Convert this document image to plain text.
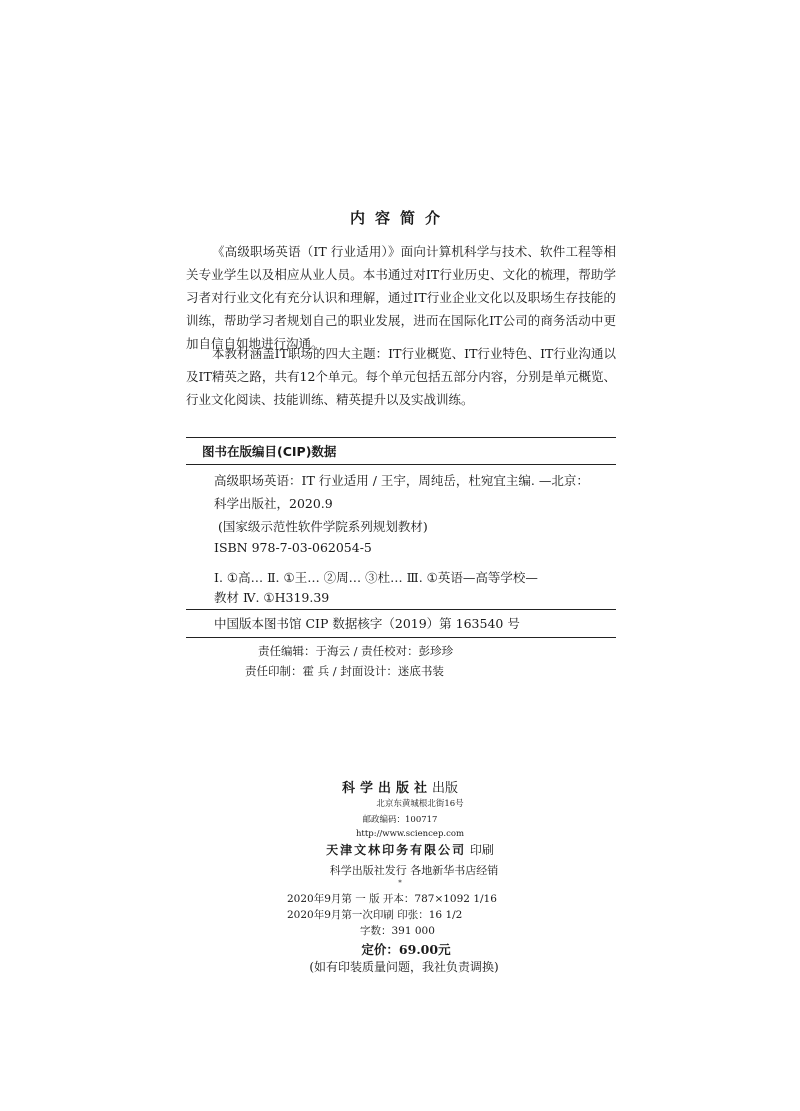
内容简介

《高级职场英语（IT 行业适用）》面向计算机科学与技术、软件工程等相关专业学生以及相应从业人员。本书通过对IT行业历史、文化的梳理，帮助学习者对行业文化有充分认识和理解，通过IT行业企业文化以及职场生存技能的训练，帮助学习者规划自己的职业发展，进而在国际化IT公司的商务活动中更加自信自如地进行沟通。

本教材涵盖IT职场的四大主题：IT行业概览、IT行业特色、IT行业沟通以及IT精英之路，共有12个单元。每个单元包括五部分内容，分别是单元概览、行业文化阅读、技能训练、精英提升以及实战训练。

图书在版编目(CIP)数据
高级职场英语：IT 行业适用 / 王宇，周纯岳，杜宛宜主编. —北京：
科学出版社，2020.9
(国家级示范性软件学院系列规划教材)
ISBN 978-7-03-062054-5
Ⅰ. ①高… Ⅱ. ①王… ②周… ③杜… Ⅲ. ①英语—高等学校—
教材 Ⅳ. ①H319.39
中国版本图书馆 CIP 数据核字（2019）第 163540 号
责任编辑：于海云 / 责任校对：彭珍珍
责任印制：霍 兵 / 封面设计：迷底书装
科学出版社出版
北京东黄城根北街16号
邮政编码：100717
http://www.sciencep.com
天津文林印务有限公司 印刷
科学出版社发行 各地新华书店经销
*
2020年9月第 一 版 开本：787×1092 1/16
2020年9月第一次印刷 印张：16 1/2
字数：391 000
定价：69.00元
(如有印装质量问题，我社负责调换)
